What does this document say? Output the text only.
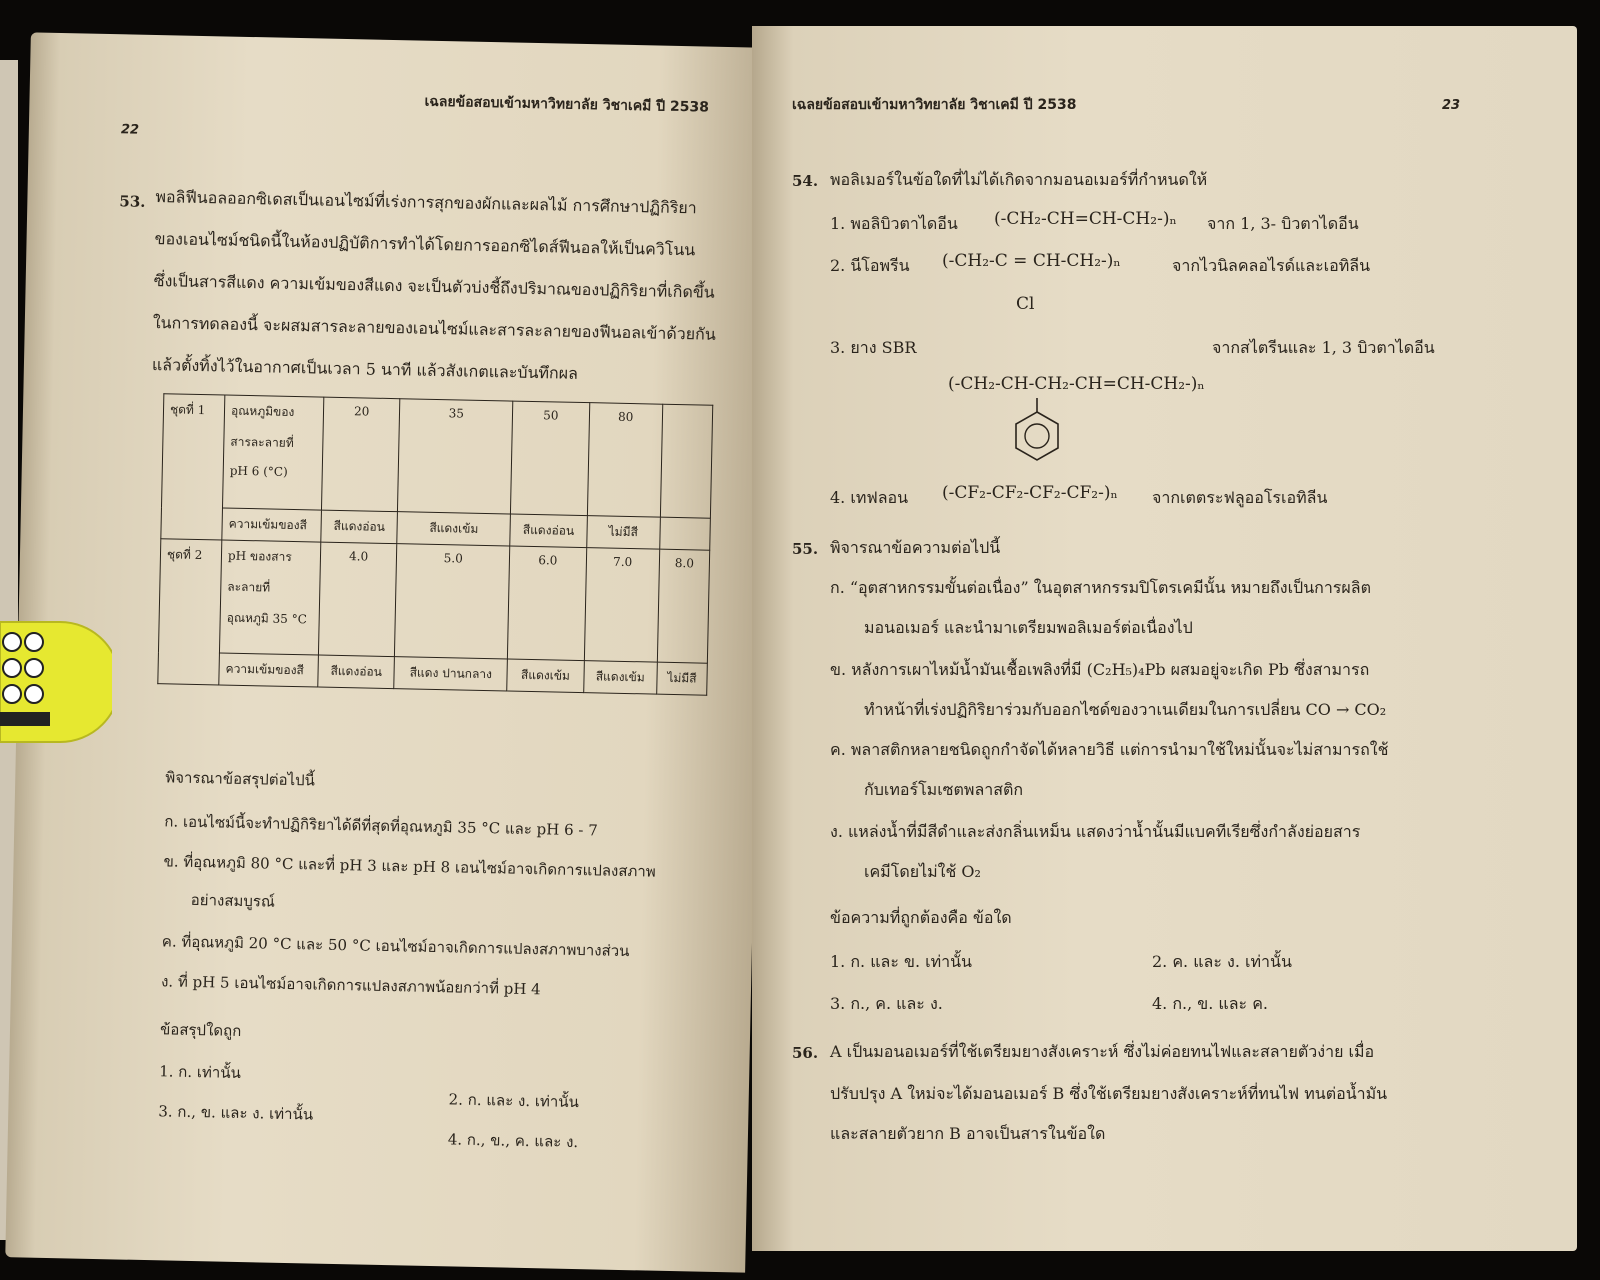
เฉลยข้อสอบเข้ามหาวิทยาลัย วิชาเคมี ปี 2538
22
53. พอลิฟีนอลออกซิเดสเป็นเอนไซม์ที่เร่งการสุกของผักและผลไม้ การศึกษาปฏิกิริยา
ของเอนไซม์ชนิดนี้ในห้องปฏิบัติการทำได้โดยการออกซิไดส์ฟีนอลให้เป็นควิโนน
ซึ่งเป็นสารสีแดง ความเข้มของสีแดง จะเป็นตัวบ่งชี้ถึงปริมาณของปฏิกิริยาที่เกิดขึ้น
ในการทดลองนี้ จะผสมสารละลายของเอนไซม์และสารละลายของฟีนอลเข้าด้วยกัน
แล้วตั้งทิ้งไว้ในอากาศเป็นเวลา 5 นาที แล้วสังเกตและบันทึกผล
ชุดที่ 1	อุณหภูมิของ
สารละลายที่
pH 6 (°C)	20	35	50	80	
	ความเข้มของสี	สีแดงอ่อน	สีแดงเข้ม	สีแดงอ่อน	ไม่มีสี	
ชุดที่ 2	pH ของสาร
ละลายที่
อุณหภูมิ 35 °C	4.0	5.0	6.0	7.0	8.0
	ความเข้มของสี	สีแดงอ่อน	สีแดง ปานกลาง	สีแดงเข้ม	สีแดงเข้ม	ไม่มีสี
พิจารณาข้อสรุปต่อไปนี้
ก. เอนไซม์นี้จะทำปฏิกิริยาได้ดีที่สุดที่อุณหภูมิ 35 °C และ pH 6 - 7
ข. ที่อุณหภูมิ 80 °C และที่ pH 3 และ pH 8 เอนไซม์อาจเกิดการแปลงสภาพ
อย่างสมบูรณ์
ค. ที่อุณหภูมิ 20 °C และ 50 °C เอนไซม์อาจเกิดการแปลงสภาพบางส่วน
ง. ที่ pH 5 เอนไซม์อาจเกิดการแปลงสภาพน้อยกว่าที่ pH 4
ข้อสรุปใดถูก
1. ก. เท่านั้น
2. ก. และ ง. เท่านั้น
3. ก., ข. และ ง. เท่านั้น
4. ก., ข., ค. และ ง.
เฉลยข้อสอบเข้ามหาวิทยาลัย วิชาเคมี ปี 2538	23
54. พอลิเมอร์ในข้อใดที่ไม่ได้เกิดจากมอนอเมอร์ที่กำหนดให้
1. พอลิบิวตาไดอีน (-CH₂-CH=CH-CH₂-)ₙ จาก 1, 3- บิวตาไดอีน
2. นีโอพรีน (-CH₂-C = CH-CH₂-)ₙ	จากไวนิลคลอไรด์และเอทิลีน
Cl
3. ยาง SBR	จากสไตรีนและ 1, 3 บิวตาไดอีน
(-CH₂-CH-CH₂-CH=CH-CH₂-)ₙ
4. เทฟลอน (-CF₂-CF₂-CF₂-CF₂-)ₙ จากเตตระฟลูออโรเอทิลีน
55. พิจารณาข้อความต่อไปนี้
ก. “อุตสาหกรรมขั้นต่อเนื่อง” ในอุตสาหกรรมปิโตรเคมีนั้น หมายถึงเป็นการผลิต
มอนอเมอร์ และนำมาเตรียมพอลิเมอร์ต่อเนื่องไป
ข. หลังการเผาไหม้น้ำมันเชื้อเพลิงที่มี (C₂H₅)₄Pb ผสมอยู่จะเกิด Pb ซึ่งสามารถ
ทำหน้าที่เร่งปฏิกิริยาร่วมกับออกไซด์ของวาเนเดียมในการเปลี่ยน CO → CO₂
ค. พลาสติกหลายชนิดถูกกำจัดได้หลายวิธี แต่การนำมาใช้ใหม่นั้นจะไม่สามารถใช้
กับเทอร์โมเซตพลาสติก
ง. แหล่งน้ำที่มีสีดำและส่งกลิ่นเหม็น แสดงว่าน้ำนั้นมีแบคทีเรียซึ่งกำลังย่อยสาร
เคมีโดยไม่ใช้ O₂
ข้อความที่ถูกต้องคือ ข้อใด
1. ก. และ ข. เท่านั้น	2. ค. และ ง. เท่านั้น
3. ก., ค. และ ง.	4. ก., ข. และ ค.
56. A เป็นมอนอเมอร์ที่ใช้เตรียมยางสังเคราะห์ ซึ่งไม่ค่อยทนไฟและสลายตัวง่าย เมื่อ
ปรับปรุง A ใหม่จะได้มอนอเมอร์ B ซึ่งใช้เตรียมยางสังเคราะห์ที่ทนไฟ ทนต่อน้ำมัน
และสลายตัวยาก B อาจเป็นสารในข้อใด
